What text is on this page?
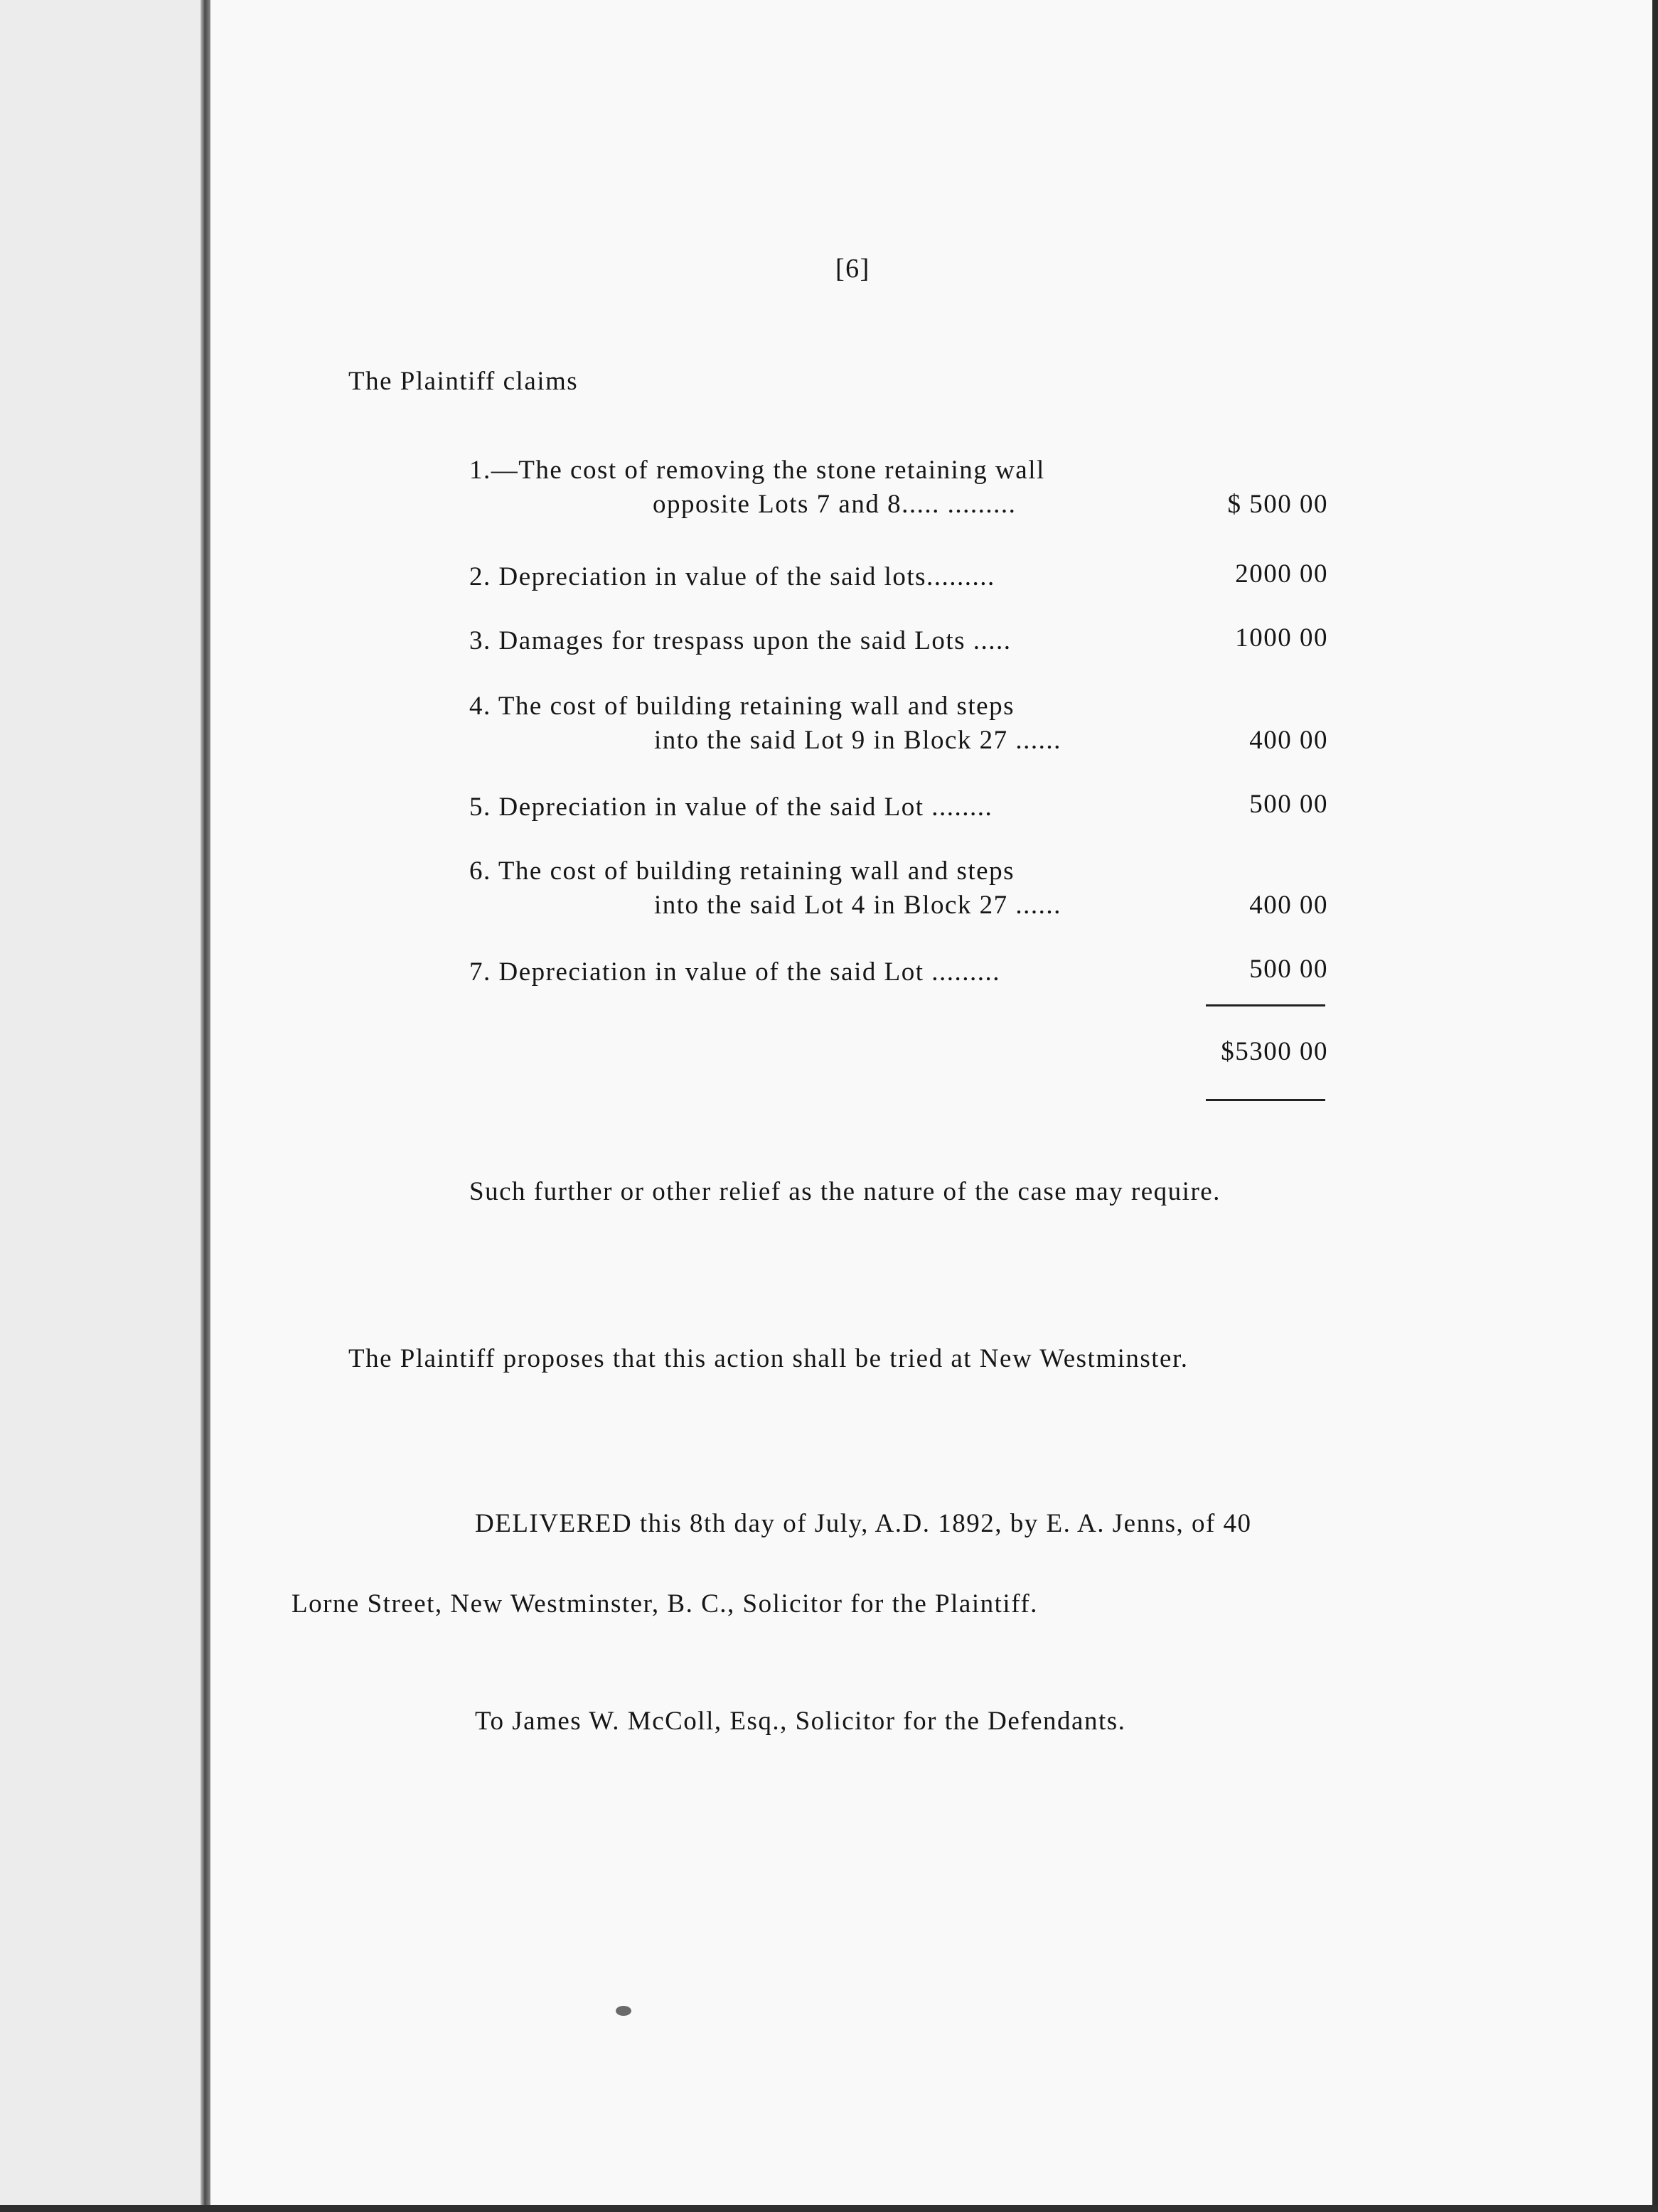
[6]
The Plaintiff claims
1.—The cost of removing the stone retaining wall
opposite Lots 7 and 8..... .........	$ 500 00
2. Depreciation in value of the said lots.........	2000 00
3. Damages for trespass upon the said Lots .....	1000 00
4. The cost of building retaining wall and steps
into the said Lot 9 in Block 27 ......	400 00
5. Depreciation in value of the said Lot ........	500 00
6. The cost of building retaining wall and steps
into the said Lot 4 in Block 27 ......	400 00
7. Depreciation in value of the said Lot .........	500 00
$5300 00
Such further or other relief as the nature of the case may require.
The Plaintiff proposes that this action shall be tried at New Westminster.
DELIVERED this 8th day of July, A.D. 1892, by E. A. Jenns, of 40
Lorne Street, New Westminster, B. C., Solicitor for the Plaintiff.
To James W. McColl, Esq., Solicitor for the Defendants.
